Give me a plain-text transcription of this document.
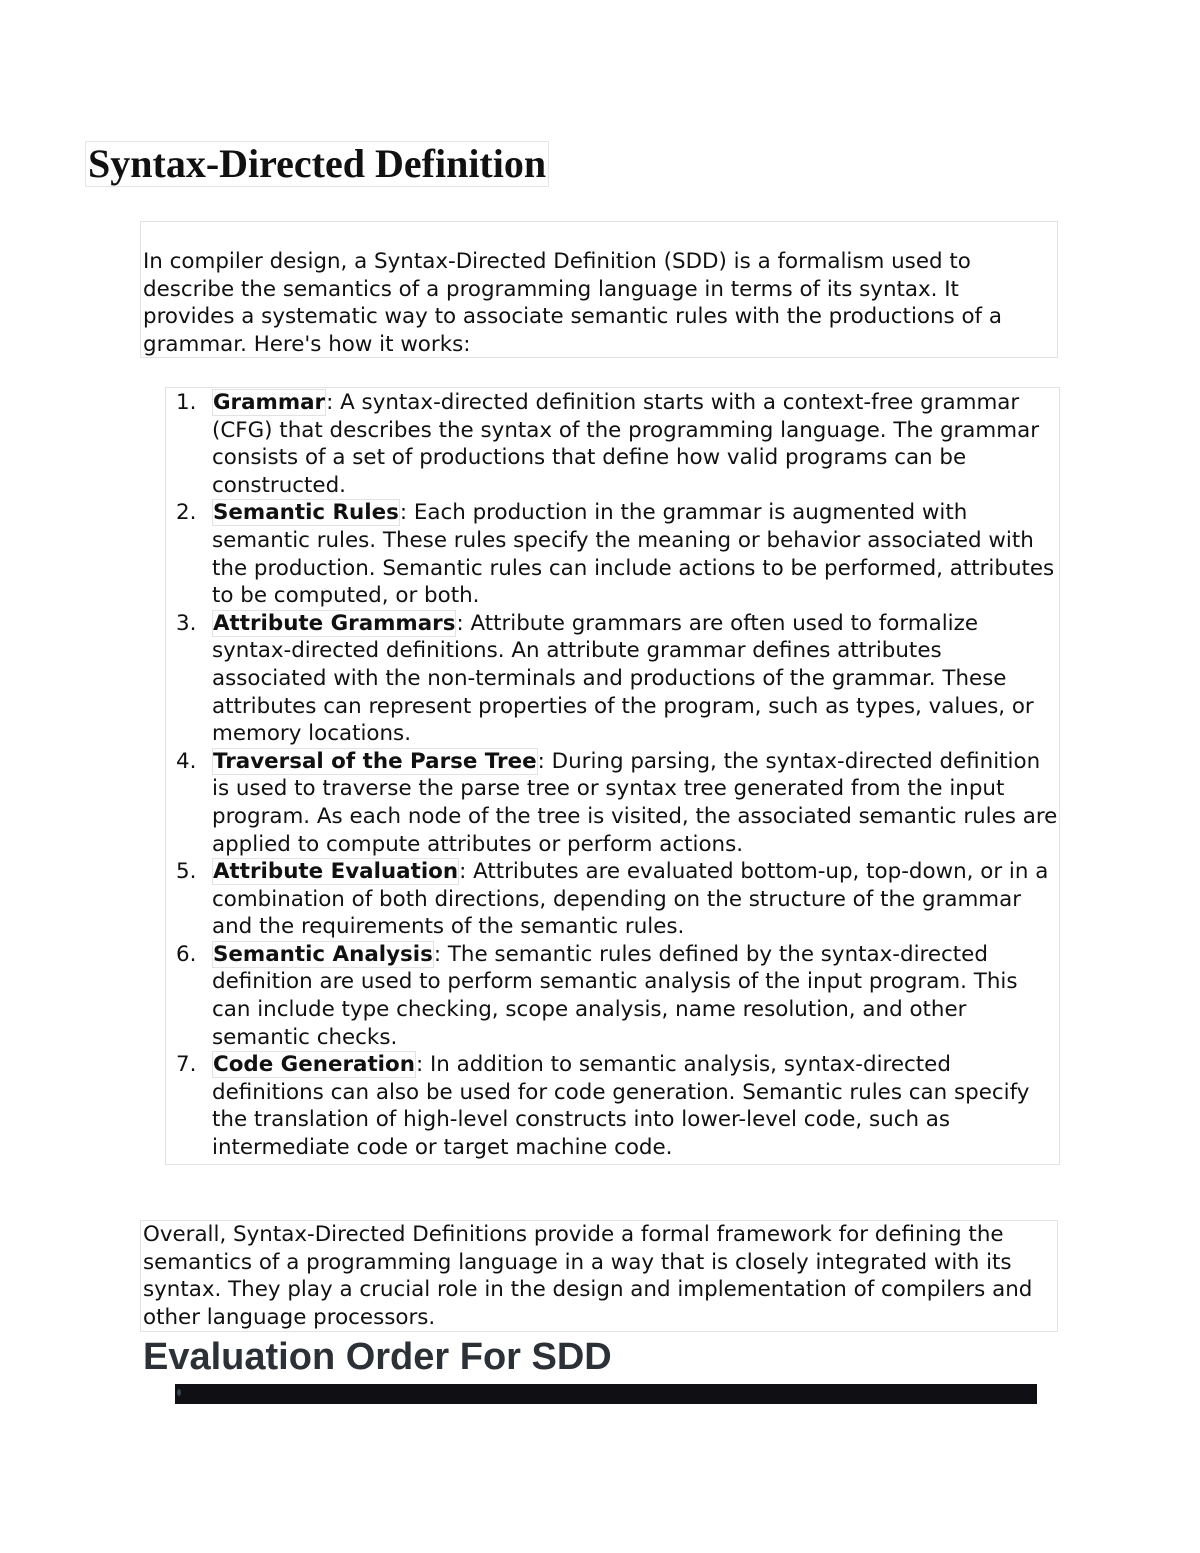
Syntax-Directed Definition

In compiler design, a Syntax-Directed Definition (SDD) is a formalism used to describe the semantics of a programming language in terms of its syntax. It provides a systematic way to associate semantic rules with the productions of a grammar. Here's how it works:

1. Grammar: A syntax-directed definition starts with a context-free grammar (CFG) that describes the syntax of the programming language. The grammar consists of a set of productions that define how valid programs can be constructed.
2. Semantic Rules: Each production in the grammar is augmented with semantic rules. These rules specify the meaning or behavior associated with the production. Semantic rules can include actions to be performed, attributes to be computed, or both.
3. Attribute Grammars: Attribute grammars are often used to formalize syntax-directed definitions. An attribute grammar defines attributes associated with the non-terminals and productions of the grammar. These attributes can represent properties of the program, such as types, values, or memory locations.
4. Traversal of the Parse Tree: During parsing, the syntax-directed definition is used to traverse the parse tree or syntax tree generated from the input program. As each node of the tree is visited, the associated semantic rules are applied to compute attributes or perform actions.
5. Attribute Evaluation: Attributes are evaluated bottom-up, top-down, or in a combination of both directions, depending on the structure of the grammar and the requirements of the semantic rules.
6. Semantic Analysis: The semantic rules defined by the syntax-directed definition are used to perform semantic analysis of the input program. This can include type checking, scope analysis, name resolution, and other semantic checks.
7. Code Generation: In addition to semantic analysis, syntax-directed definitions can also be used for code generation. Semantic rules can specify the translation of high-level constructs into lower-level code, such as intermediate code or target machine code.

Overall, Syntax-Directed Definitions provide a formal framework for defining the semantics of a programming language in a way that is closely integrated with its syntax. They play a crucial role in the design and implementation of compilers and other language processors.

Evaluation Order For SDD
